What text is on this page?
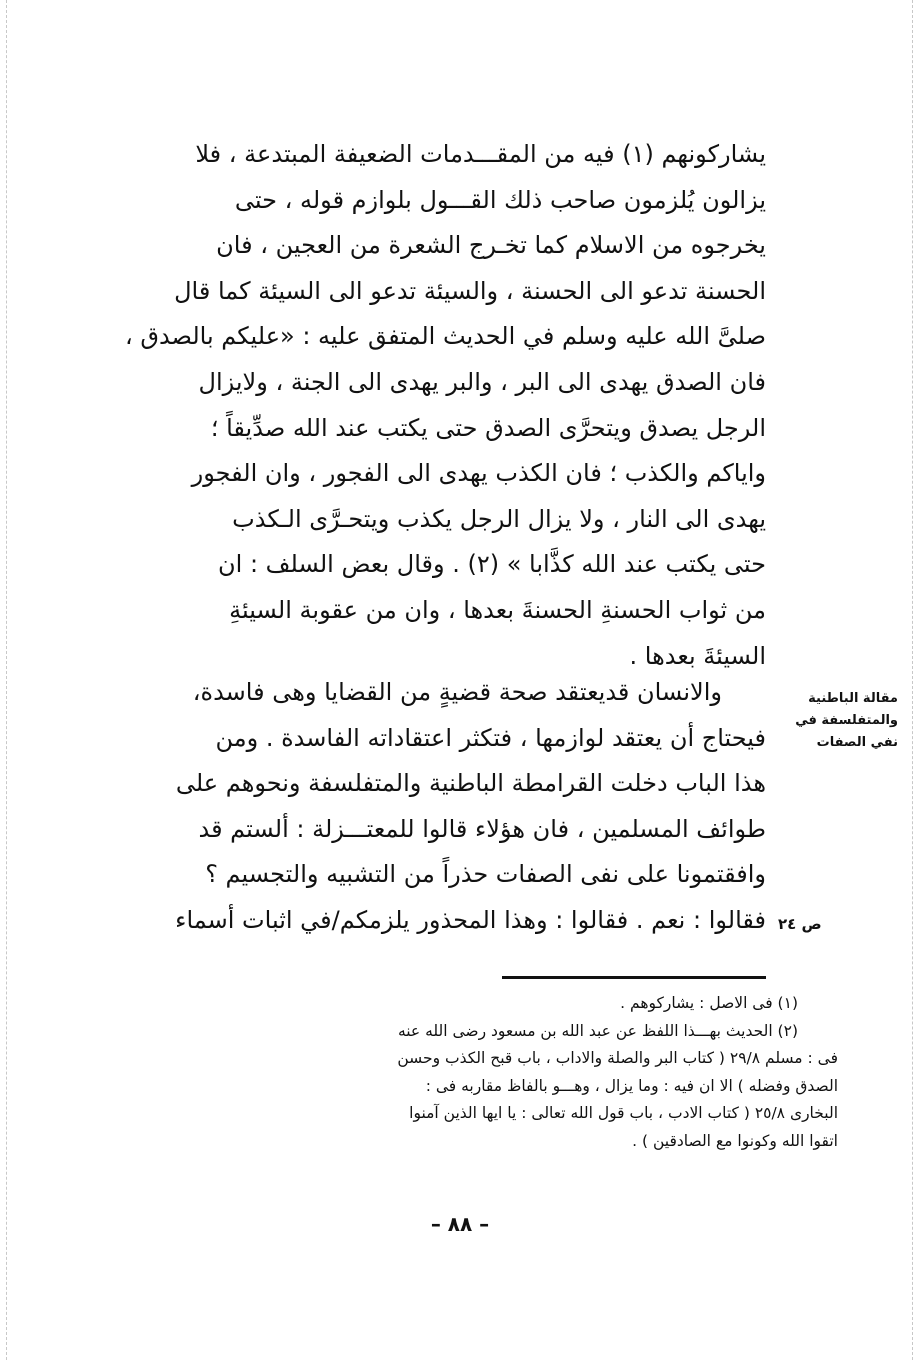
يشاركونهم (١) فيه من المقـــدمات الضعيفة المبتدعة ، فلا
يزالون يُلزمون صاحب ذلك القـــول بلوازم قوله ، حتى
يخرجوه من الاسلام كما تخـرج الشعرة من العجين ، فان
الحسنة تدعو الى الحسنة ، والسيئة تدعو الى السيئة كما قال
صلىَّ الله عليه وسلم في الحديث المتفق عليه : «عليكم بالصدق ،
فان الصدق يهدى الى البر ، والبر يهدى الى الجنة ، ولايزال
الرجل يصدق ويتحرَّى الصدق حتى يكتب عند الله صدِّيقاً ؛
واياكم والكذب ؛ فان الكذب يهدى الى الفجور ، وان الفجور
يهدى الى النار ، ولا يزال الرجل يكذب ويتحـرَّى الـكذب
حتى يكتب عند الله كذَّابا » (٢) . وقال بعض السلف : ان
من ثواب الحسنةِ الحسنةَ بعدها ، وان من عقوبة السيئةِ
السيئةَ بعدها .
والانسان قديعتقد صحة قضيةٍ من القضايا وهى فاسدة،
فيحتاج أن يعتقد لوازمها ، فتكثر اعتقاداته الفاسدة . ومن
هذا الباب دخلت القرامطة الباطنية والمتفلسفة ونحوهم على
طوائف المسلمين ، فان هؤلاء قالوا للمعتـــزلة : ألستم قد
وافقتمونا على نفى الصفات حذراً من التشبيه والتجسيم ؟
فقالوا : نعم . فقالوا : وهذا المحذور يلزمكم/في اثبات أسماء
مقالة الباطنية
والمتفلسفة في
نفي الصفات
ص ٢٤
(١) فى الاصل : يشاركوهم .
(٢) الحديث بهـــذا اللفظ عن عبد الله بن مسعود رضى الله عنه
فى : مسلم ٢٩/٨ ( كتاب البر والصلة والاداب ، باب قبح الكذب وحسن
الصدق وفضله ) الا ان فيه : وما يزال ، وهـــو بالفاظ مقاربه فى :
البخارى ٢٥/٨ ( كتاب الادب ، باب قول الله تعالى : يا ايها الذين آمنوا
اتقوا الله وكونوا مع الصادقين ) .
– ٨٨ –
